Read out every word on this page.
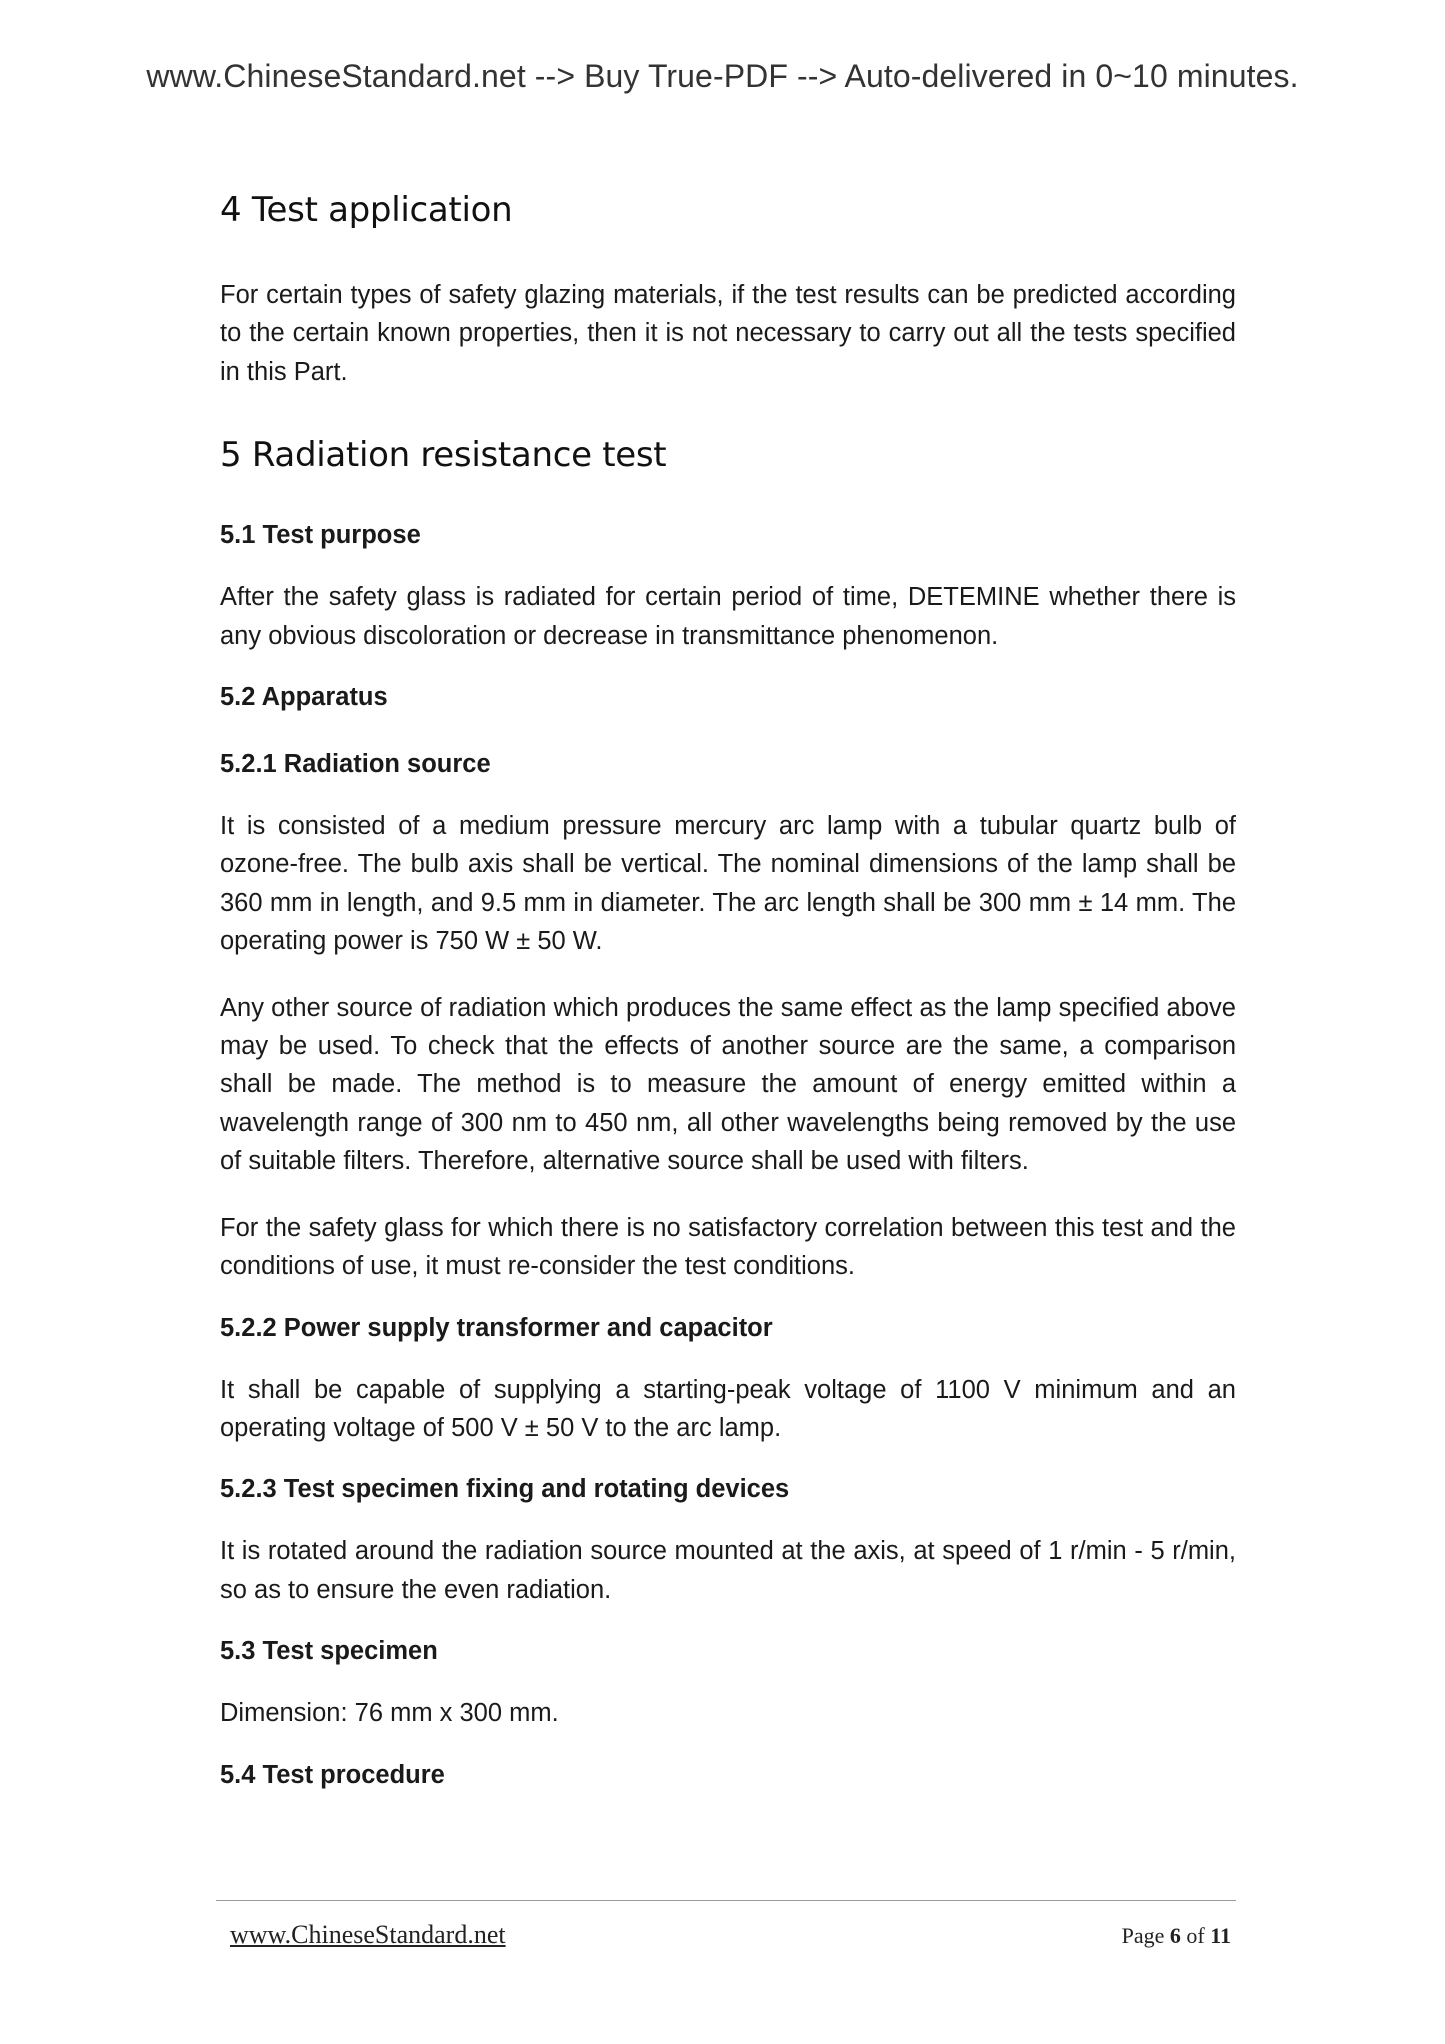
www.ChineseStandard.net --> Buy True-PDF --> Auto-delivered in 0~10 minutes.
4 Test application

For certain types of safety glazing materials, if the test results can be predicted according to the certain known properties, then it is not necessary to carry out all the tests specified in this Part.

5 Radiation resistance test
5.1 Test purpose

After the safety glass is radiated for certain period of time, DETEMINE whether there is any obvious discoloration or decrease in transmittance phenomenon.

5.2 Apparatus
5.2.1 Radiation source

It is consisted of a medium pressure mercury arc lamp with a tubular quartz bulb of ozone-free. The bulb axis shall be vertical. The nominal dimensions of the lamp shall be 360 mm in length, and 9.5 mm in diameter. The arc length shall be 300 mm ± 14 mm. The operating power is 750 W ± 50 W.

Any other source of radiation which produces the same effect as the lamp specified above may be used. To check that the effects of another source are the same, a comparison shall be made. The method is to measure the amount of energy emitted within a wavelength range of 300 nm to 450 nm, all other wavelengths being removed by the use of suitable filters. Therefore, alternative source shall be used with filters.

For the safety glass for which there is no satisfactory correlation between this test and the conditions of use, it must re-consider the test conditions.

5.2.2 Power supply transformer and capacitor

It shall be capable of supplying a starting-peak voltage of 1100 V minimum and an operating voltage of 500 V ± 50 V to the arc lamp.

5.2.3 Test specimen fixing and rotating devices

It is rotated around the radiation source mounted at the axis, at speed of 1 r/min - 5 r/min, so as to ensure the even radiation.

5.3 Test specimen

Dimension: 76 mm x 300 mm.

5.4 Test procedure
www.ChineseStandard.net	Page 6 of 11
